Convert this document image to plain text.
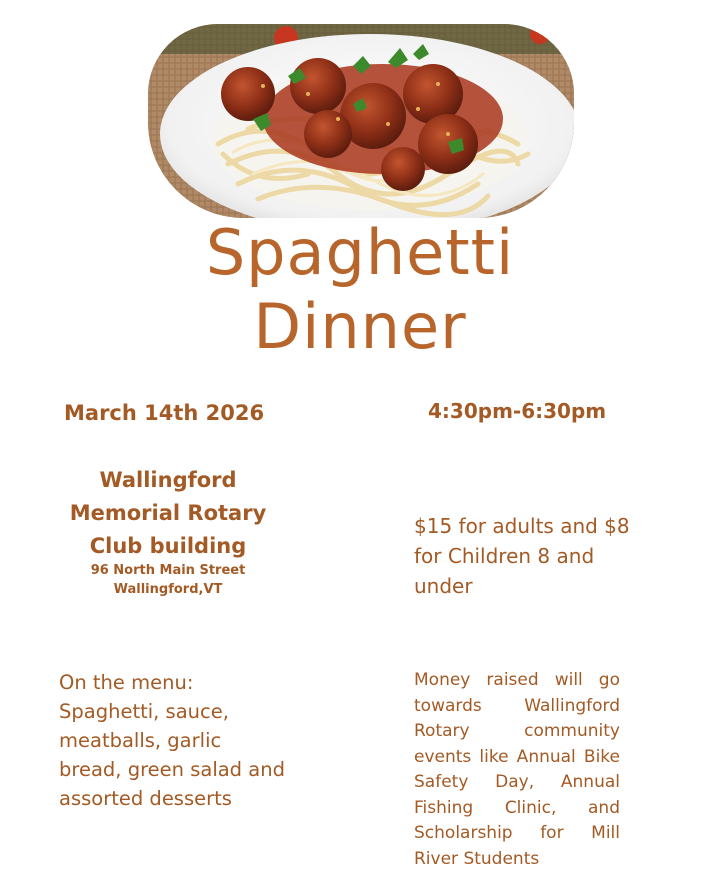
Spaghetti
Dinner

March 14th 2026	4:30pm-6:30pm

Wallingford Memorial Rotary Club building

96 North Main Street
Wallingford,VT

$15 for adults and $8 for Children 8 and under

On the menu: Spaghetti, sauce, meatballs, garlic bread, green salad and assorted desserts

Money raised will go towards Wallingford Rotary community events like Annual Bike Safety Day, Annual Fishing Clinic, and Scholarship for Mill River Students
